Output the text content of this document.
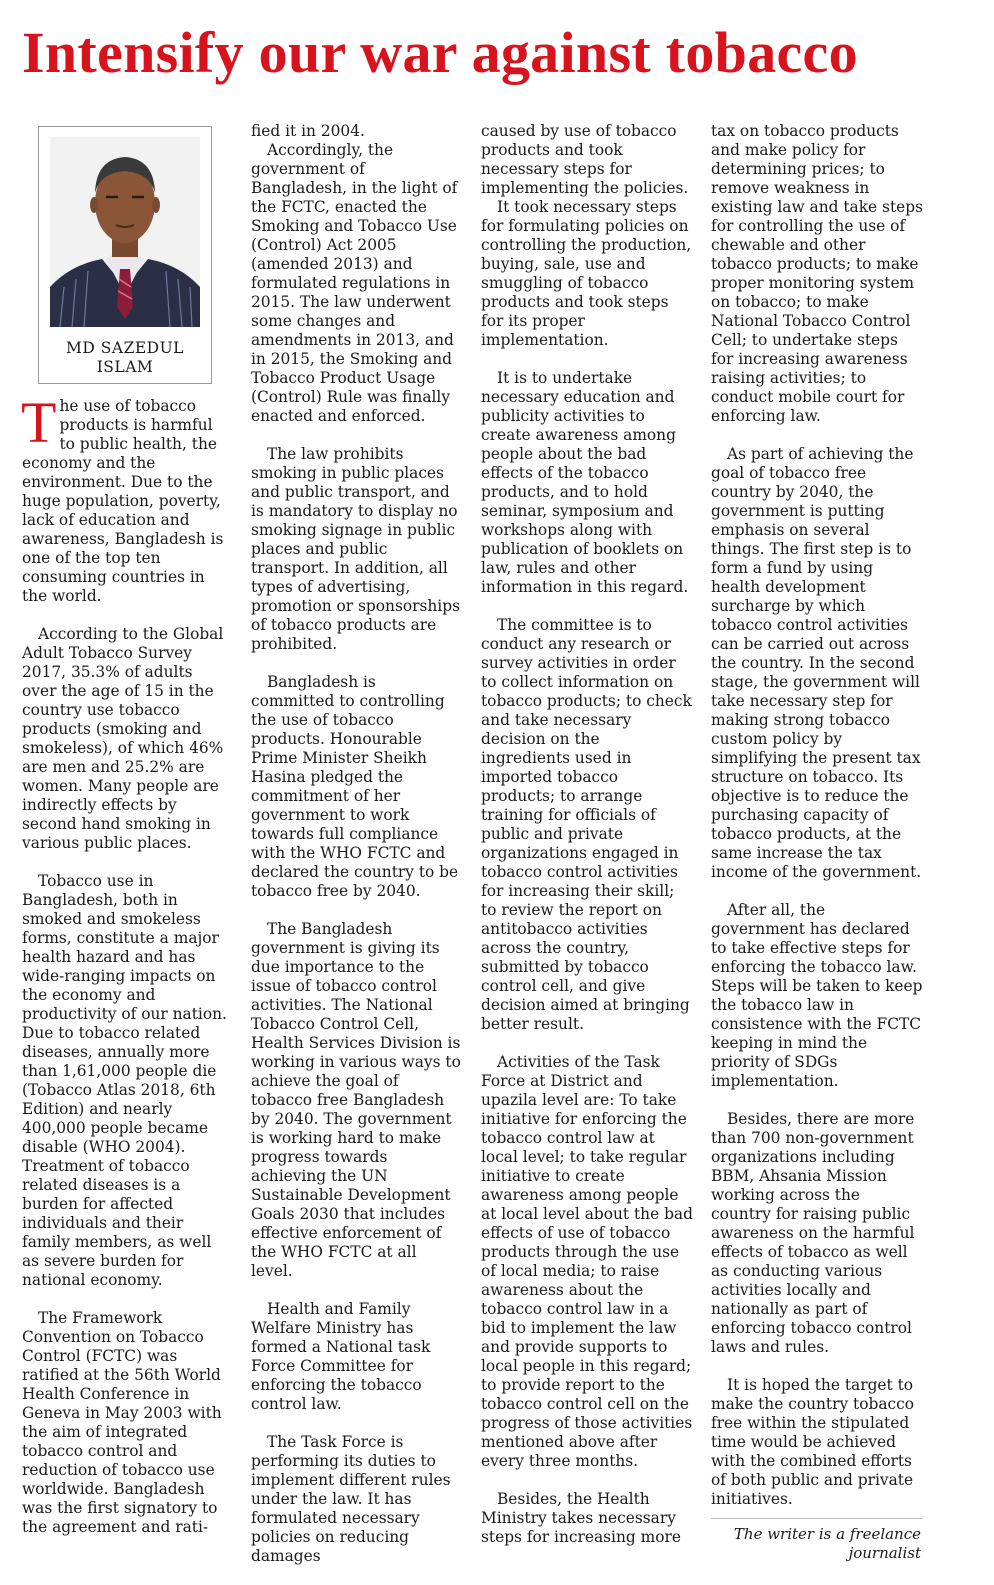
Intensify our war against tobacco
MD SAZEDUL ISLAM

The use of tobacco products is harmful to public health, the economy and the environment. Due to the huge population, poverty, lack of education and awareness, Bangladesh is one of the top ten consuming countries in the world.

According to the Global Adult Tobacco Survey 2017, 35.3% of adults over the age of 15 in the country use tobacco products (smoking and smokeless), of which 46% are men and 25.2% are women. Many people are indirectly effects by second hand smoking in various public places.

Tobacco use in Bangladesh, both in smoked and smokeless forms, constitute a major health hazard and has wide-ranging impacts on the economy and productivity of our nation. Due to tobacco related diseases, annually more than 1,61,000 people die (Tobacco Atlas 2018, 6th Edition) and nearly 400,000 people became disable (WHO 2004). Treatment of tobacco related diseases is a burden for affected individuals and their family members, as well as severe burden for national economy.

The Framework Convention on Tobacco Control (FCTC) was ratified at the 56th World Health Conference in Geneva in May 2003 with the aim of integrated tobacco control and reduction of tobacco use worldwide. Bangladesh was the first signatory to the agreement and rati-

fied it in 2004.

Accordingly, the government of Bangladesh, in the light of the FCTC, enacted the Smoking and Tobacco Use (Control) Act 2005 (amended 2013) and formulated regulations in 2015. The law underwent some changes and amendments in 2013, and in 2015, the Smoking and Tobacco Product Usage (Control) Rule was finally enacted and enforced.

The law prohibits smoking in public places and public transport, and is mandatory to display no smoking signage in public places and public transport. In addition, all types of advertising, promotion or sponsorships of tobacco products are prohibited.

Bangladesh is committed to controlling the use of tobacco products. Honourable Prime Minister Sheikh Hasina pledged the commitment of her government to work towards full compliance with the WHO FCTC and declared the country to be tobacco free by 2040.

The Bangladesh government is giving its due importance to the issue of tobacco control activities. The National Tobacco Control Cell, Health Services Division is working in various ways to achieve the goal of tobacco free Bangladesh by 2040. The government is working hard to make progress towards achieving the UN Sustainable Development Goals 2030 that includes effective enforcement of the WHO FCTC at all level.

Health and Family Welfare Ministry has formed a National task Force Committee for enforcing the tobacco control law.

The Task Force is performing its duties to implement different rules under the law. It has formulated necessary policies on reducing damages

caused by use of tobacco products and took necessary steps for implementing the policies.

It took necessary steps for formulating policies on controlling the production, buying, sale, use and smuggling of tobacco products and took steps for its proper implementation.

It is to undertake necessary education and publicity activities to create awareness among people about the bad effects of the tobacco products, and to hold seminar, symposium and workshops along with publication of booklets on law, rules and other information in this regard.

The committee is to conduct any research or survey activities in order to collect information on tobacco products; to check and take necessary decision on the ingredients used in imported tobacco products; to arrange training for officials of public and private organizations engaged in tobacco control activities for increasing their skill; to review the report on antitobacco activities across the country, submitted by tobacco control cell, and give decision aimed at bringing better result.

Activities of the Task Force at District and upazila level are: To take initiative for enforcing the tobacco control law at local level; to take regular initiative to create awareness among people at local level about the bad effects of use of tobacco products through the use of local media; to raise awareness about the tobacco control law in a bid to implement the law and provide supports to local people in this regard; to provide report to the tobacco control cell on the progress of those activities mentioned above after every three months.

Besides, the Health Ministry takes necessary steps for increasing more

tax on tobacco products and make policy for determining prices; to remove weakness in existing law and take steps for controlling the use of chewable and other tobacco products; to make proper monitoring system on tobacco; to make National Tobacco Control Cell; to undertake steps for increasing awareness raising activities; to conduct mobile court for enforcing law.

As part of achieving the goal of tobacco free country by 2040, the government is putting emphasis on several things. The first step is to form a fund by using health development surcharge by which tobacco control activities can be carried out across the country. In the second stage, the government will take necessary step for making strong tobacco custom policy by simplifying the present tax structure on tobacco. Its objective is to reduce the purchasing capacity of tobacco products, at the same increase the tax income of the government.

After all, the government has declared to take effective steps for enforcing the tobacco law. Steps will be taken to keep the tobacco law in consistence with the FCTC keeping in mind the priority of SDGs implementation.

Besides, there are more than 700 non-government organizations including BBM, Ahsania Mission working across the country for raising public awareness on the harmful effects of tobacco as well as conducting various activities locally and nationally as part of enforcing tobacco control laws and rules.

It is hoped the target to make the country tobacco free within the stipulated time would be achieved with the combined efforts of both public and private initiatives.

The writer is a freelance journalist
